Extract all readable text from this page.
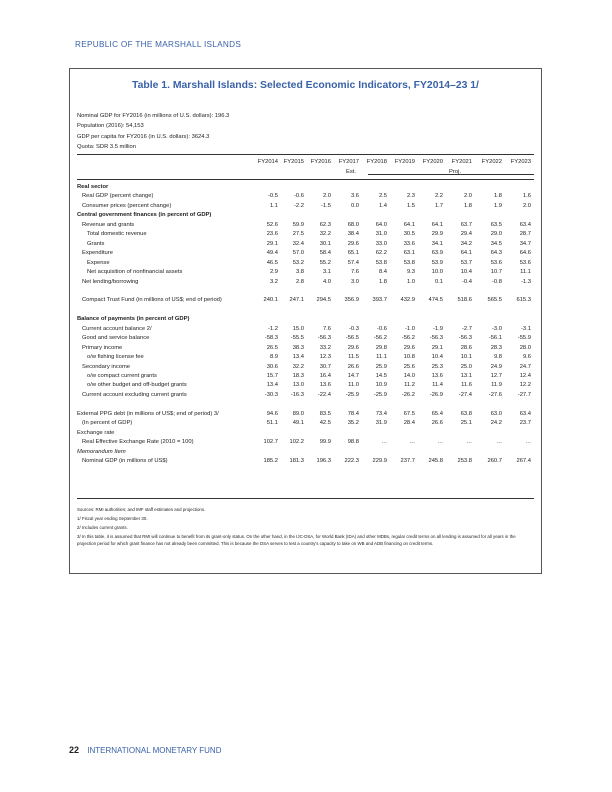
REPUBLIC OF THE MARSHALL ISLANDS
Table 1. Marshall Islands: Selected Economic Indicators, FY2014–23 1/
Nominal GDP for FY2016 (in millions of U.S. dollars): 196.3
Population (2016): 54,153
GDP per capita for FY2016 (in U.S. dollars): 3624.3
Quota: SDR 3.5 million
FY2014 FY2015	FY2016	FY2017	FY2018	FY2019	FY2020	FY2021	FY2022	FY2023
Est.	Proj.
Real sector
Real GDP (percent change)	-0.5	-0.6	2.0	3.6	2.5	2.3	2.2	2.0	1.8	1.6
Consumer prices (percent change)	1.1	-2.2	-1.5	0.0	1.4	1.5	1.7	1.8	1.9	2.0
Central government finances (in percent of GDP)
Revenue and grants	52.6	59.9	62.3	68.0	64.0	64.1	64.1	63.7	63.5	63.4
Total domestic revenue	23.6	27.5	32.2	38.4	31.0	30.5	29.9	29.4	29.0	28.7
Grants	29.1	32.4	30.1	29.6	33.0	33.6	34.1	34.2	34.5	34.7
Expenditure	49.4	57.0	58.4	65.1	62.2	63.1	63.9	64.1	64.3	64.6
Expense	46.5	53.2	55.2	57.4	53.8	53.8	53.9	53.7	53.6	53.6
Net acquisition of nonfinancial assets	2.9	3.8	3.1	7.6	8.4	9.3	10.0	10.4	10.7	11.1
Net lending/borrowing	3.2	2.8	4.0	3.0	1.8	1.0	0.1	-0.4	-0.8	-1.3
Compact Trust Fund (in millions of US$; end of period)	240.1	247.1	294.5	356.9	393.7	432.9	474.5	518.6	565.5	615.3
Balance of payments (in percent of GDP)
Current account balance 2/	-1.2	15.0	7.6	-0.3	-0.6	-1.0	-1.9	-2.7	-3.0	-3.1
Good and service balance	-58.3	-55.5	-56.3	-56.5	-56.2	-56.2	-56.3	-56.3	-56.1	-55.9
Primary income	26.5	38.3	33.2	29.6	29.8	29.6	29.1	28.6	28.3	28.0
o/w fishing license fee	8.9	13.4	12.3	11.5	11.1	10.8	10.4	10.1	9.8	9.6
Secondary income	30.6	32.2	30.7	26.6	25.9	25.6	25.3	25.0	24.9	24.7
o/w compact current grants	15.7	18.3	16.4	14.7	14.5	14.0	13.6	13.1	12.7	12.4
o/w other budget and off-budget grants	13.4	13.0	13.6	11.0	10.9	11.2	11.4	11.6	11.9	12.2
Current account excluding current grants	-30.3	-16.3	-22.4	-25.9	-25.9	-26.2	-26.9	-27.4	-27.6	-27.7
External PPG debt (in millions of US$; end of period) 3/	94.6	89.0	83.5	78.4	73.4	67.5	65.4	63.8	63.0	63.4
(In percent of GDP)	51.1	49.1	42.5	35.2	31.9	28.4	26.6	25.1	24.2	23.7
Exchange rate
Real Effective Exchange Rate (2010 = 100)	102.7	102.2	99.9	98.8	…	…	…	…	…	…
Memorandum Item
Nominal GDP (in millions of US$)	185.2	181.3	196.3	222.3	229.9	237.7	245.8	253.8	260.7	267.4
Sources: RMI authorities; and IMF staff estimates and projections.
1/ Fiscal year ending September 30.
2/ Includes current grants.
3/ In this table, it is assumed that RMI will continue to benefit from its grant-only status. On the other hand, in the IJC-DSA, for World Bank (IDA) and other MDBs, regular credit terms on all lending is assumed for all years in the projection period for which grant finance has not already been committed. This is because the DSA serves to test a country's capacity to take on WB and ADB financing on credit terms.
22 INTERNATIONAL MONETARY FUND
